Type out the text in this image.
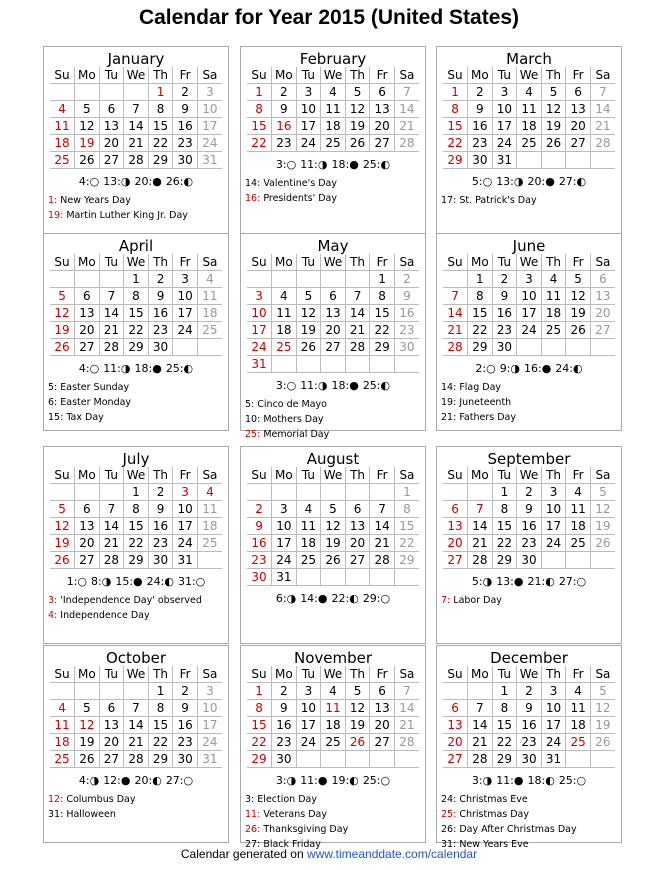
Calendar for Year 2015 (United States)
January
Su	Mo	Tu	We	Th	Fr	Sa
				1	2	3
4	5	6	7	8	9	10
11	12	13	14	15	16	17
18	19	20	21	22	23	24
25	26	27	28	29	30	31
4:○ 13:◑ 20:● 26:◐
1: New Years Day
19: Martin Luther King Jr. Day
February
Su	Mo	Tu	We	Th	Fr	Sa
1	2	3	4	5	6	7
8	9	10	11	12	13	14
15	16	17	18	19	20	21
22	23	24	25	26	27	28
3:○ 11:◑ 18:● 25:◐
14: Valentine's Day
16: Presidents' Day
March
Su	Mo	Tu	We	Th	Fr	Sa
1	2	3	4	5	6	7
8	9	10	11	12	13	14
15	16	17	18	19	20	21
22	23	24	25	26	27	28
29	30	31				
5:○ 13:◑ 20:● 27:◐
17: St. Patrick's Day
April
Su	Mo	Tu	We	Th	Fr	Sa
			1	2	3	4
5	6	7	8	9	10	11
12	13	14	15	16	17	18
19	20	21	22	23	24	25
26	27	28	29	30		
4:○ 11:◑ 18:● 25:◐
5: Easter Sunday
6: Easter Monday
15: Tax Day
May
Su	Mo	Tu	We	Th	Fr	Sa
					1	2
3	4	5	6	7	8	9
10	11	12	13	14	15	16
17	18	19	20	21	22	23
24	25	26	27	28	29	30
31						
3:○ 11:◑ 18:● 25:◐
5: Cinco de Mayo
10: Mothers Day
25: Memorial Day
June
Su	Mo	Tu	We	Th	Fr	Sa
	1	2	3	4	5	6
7	8	9	10	11	12	13
14	15	16	17	18	19	20
21	22	23	24	25	26	27
28	29	30				
2:○ 9:◑ 16:● 24:◐
14: Flag Day
19: Juneteenth
21: Fathers Day
July
Su	Mo	Tu	We	Th	Fr	Sa
			1	2	3	4
5	6	7	8	9	10	11
12	13	14	15	16	17	18
19	20	21	22	23	24	25
26	27	28	29	30	31	
1:○ 8:◑ 15:● 24:◐ 31:○
3: 'Independence Day' observed
4: Independence Day
August
Su	Mo	Tu	We	Th	Fr	Sa
						1
2	3	4	5	6	7	8
9	10	11	12	13	14	15
16	17	18	19	20	21	22
23	24	25	26	27	28	29
30	31					
6:◑ 14:● 22:◐ 29:○
September
Su	Mo	Tu	We	Th	Fr	Sa
		1	2	3	4	5
6	7	8	9	10	11	12
13	14	15	16	17	18	19
20	21	22	23	24	25	26
27	28	29	30			
5:◑ 13:● 21:◐ 27:○
7: Labor Day
October
Su	Mo	Tu	We	Th	Fr	Sa
				1	2	3
4	5	6	7	8	9	10
11	12	13	14	15	16	17
18	19	20	21	22	23	24
25	26	27	28	29	30	31
4:◑ 12:● 20:◐ 27:○
12: Columbus Day
31: Halloween
November
Su	Mo	Tu	We	Th	Fr	Sa
1	2	3	4	5	6	7
8	9	10	11	12	13	14
15	16	17	18	19	20	21
22	23	24	25	26	27	28
29	30					
3:◑ 11:● 19:◐ 25:○
3: Election Day
11: Veterans Day
26: Thanksgiving Day
27: Black Friday
December
Su	Mo	Tu	We	Th	Fr	Sa
		1	2	3	4	5
6	7	8	9	10	11	12
13	14	15	16	17	18	19
20	21	22	23	24	25	26
27	28	29	30	31		
3:◑ 11:● 18:◐ 25:○
24: Christmas Eve
25: Christmas Day
26: Day After Christmas Day
31: New Years Eve
Calendar generated on www.timeanddate.com/calendar
